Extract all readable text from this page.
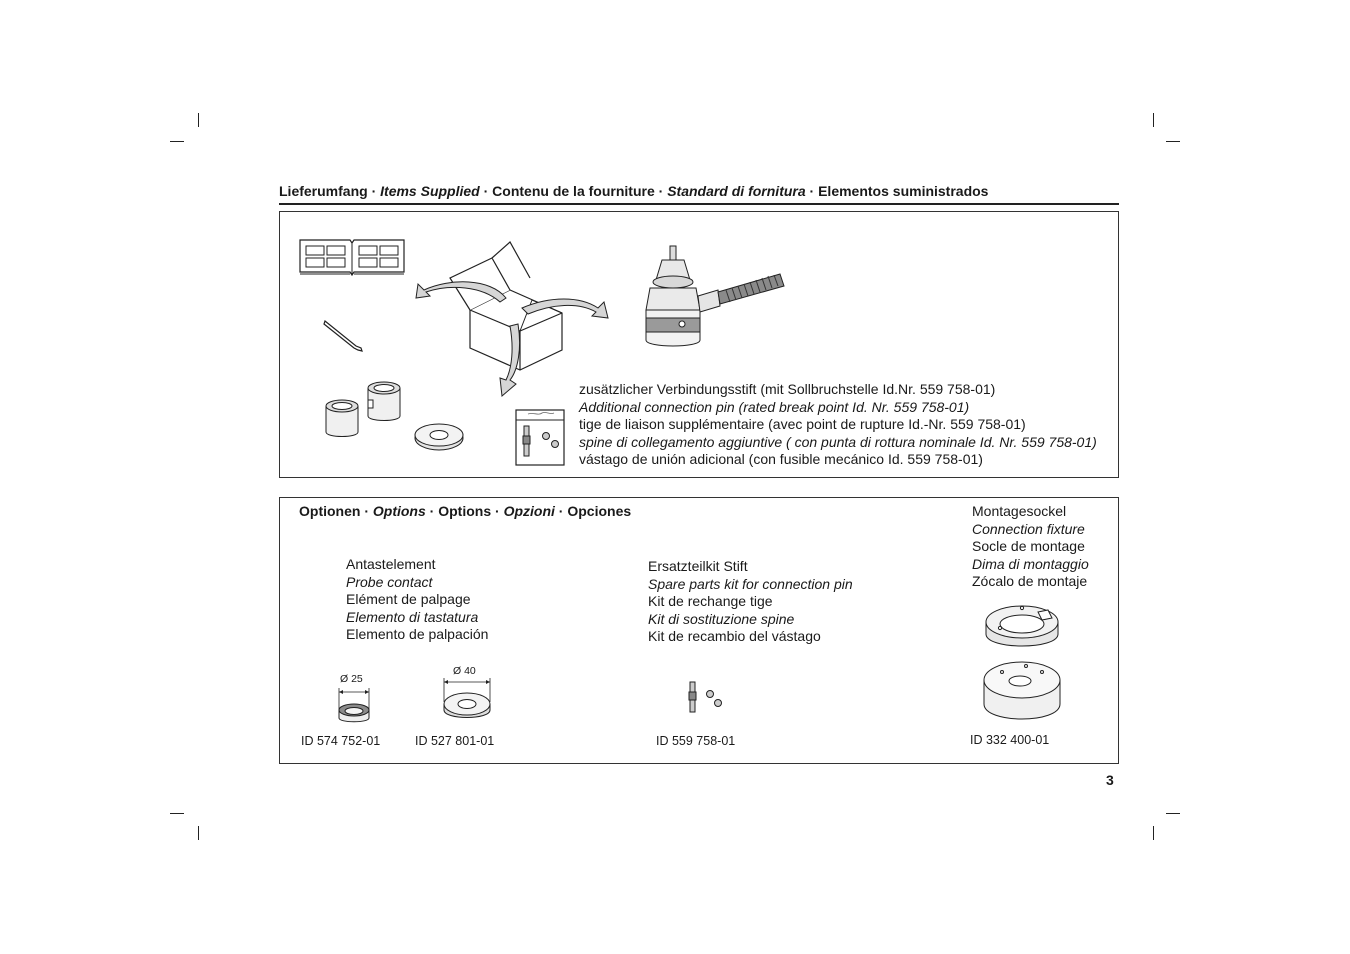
Lieferumfang · Items Supplied · Contenu de la fourniture · Standard di fornitura · Elementos suministrados
zusätzlicher Verbindungsstift (mit Sollbruchstelle Id.Nr. 559 758-01)
Additional connection pin (rated break point Id. Nr. 559 758-01)
tige de liaison supplémentaire (avec point de rupture Id.-Nr. 559 758-01)
spine di collegamento aggiuntive ( con punta di rottura nominale Id. Nr. 559 758-01)
vástago de unión adicional (con fusible mecánico Id. 559 758-01)
Optionen · Options · Options · Opzioni · Opciones
Antastelement
Probe contact
Elément de palpage
Elemento di tastatura
Elemento de palpación
Ersatzteilkit Stift
Spare parts kit for connection pin
Kit de rechange tige
Kit di sostituzione spine
Kit de recambio del vástago
Montagesockel
Connection fixture
Socle de montage
Dima di montaggio
Zócalo de montaje
Ø 25
Ø 40
ID 574 752-01	ID 527 801-01	ID 559 758-01	ID 332 400-01
3
